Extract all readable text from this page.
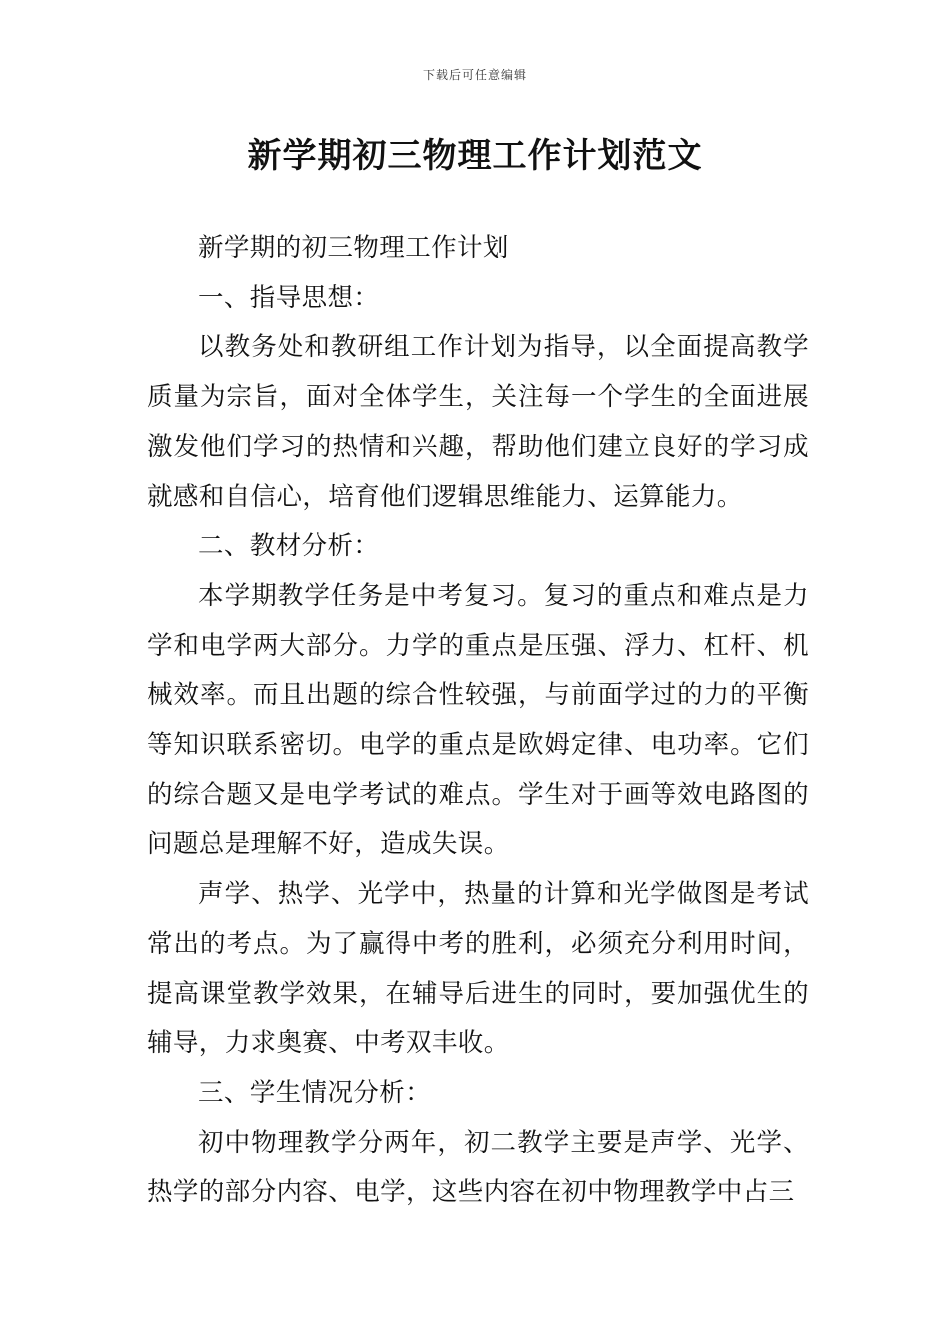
下载后可任意编辑
新学期初三物理工作计划范文

新学期的初三物理工作计划

一、指导思想：

以教务处和教研组工作计划为指导，以全面提高教学质量为宗旨，面对全体学生，关注每一个学生的全面进展激发他们学习的热情和兴趣，帮助他们建立良好的学习成就感和自信心，培育他们逻辑思维能力、运算能力。

二、教材分析：

本学期教学任务是中考复习。复习的重点和难点是力学和电学两大部分。力学的重点是压强、浮力、杠杆、机械效率。而且出题的综合性较强，与前面学过的力的平衡等知识联系密切。电学的重点是欧姆定律、电功率。它们的综合题又是电学考试的难点。学生对于画等效电路图的问题总是理解不好，造成失误。

声学、热学、光学中，热量的计算和光学做图是考试常出的考点。为了赢得中考的胜利，必须充分利用时间，提高课堂教学效果，在辅导后进生的同时，要加强优生的辅导，力求奥赛、中考双丰收。

三、学生情况分析：

初中物理教学分两年，初二教学主要是声学、光学、热学的部分内容、电学，这些内容在初中物理教学中占三
